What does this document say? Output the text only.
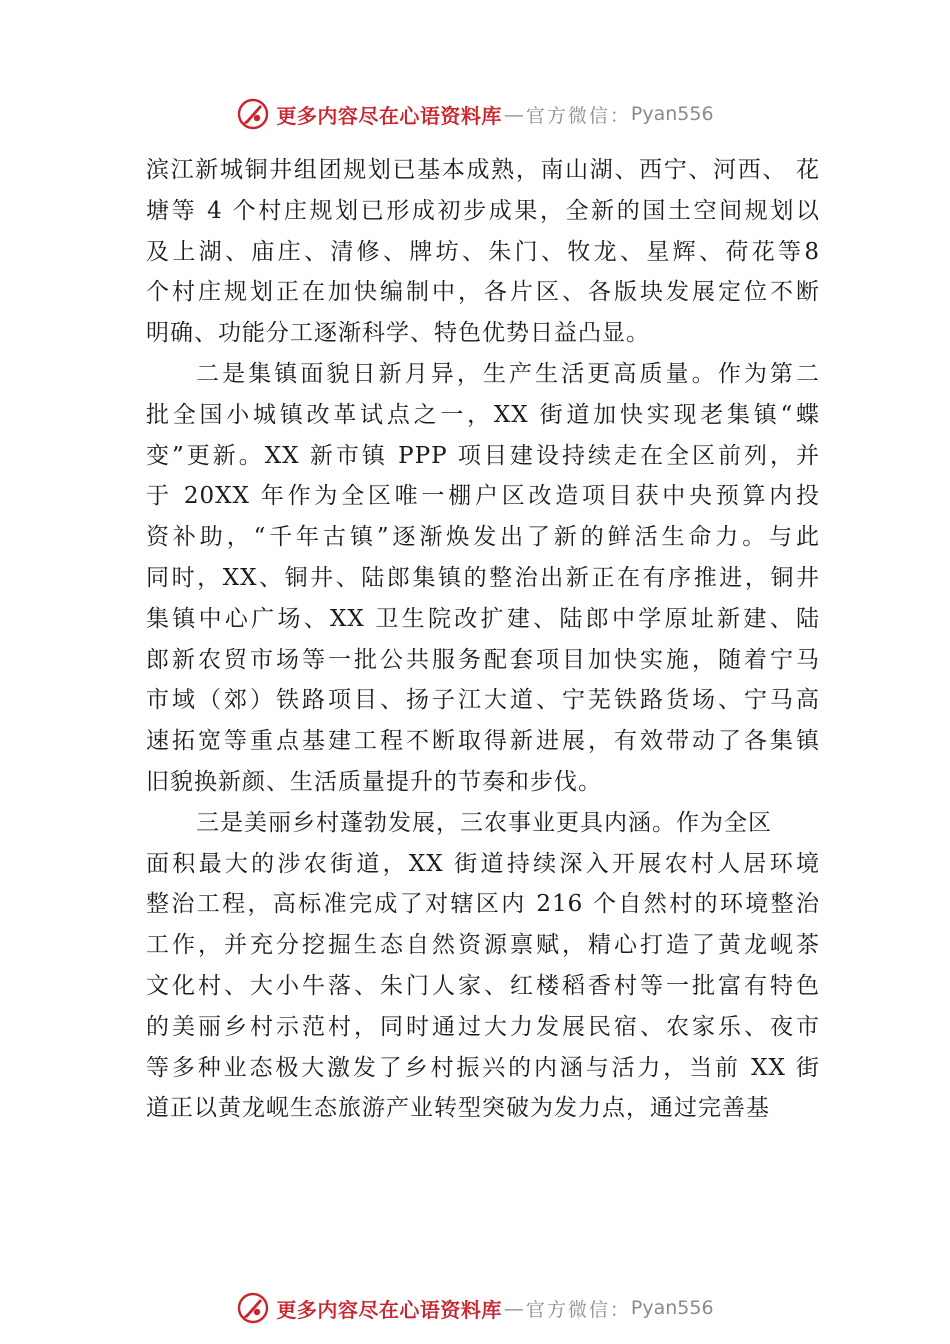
更多内容尽在心语资料库 — 官方微信： Pyan556
滨江新城铜井组团规划已基本成熟，南山湖、西宁、河西、 花
塘等 4 个村庄规划已形成初步成果，全新的国土空间规划以
及上湖、庙庄、清修、牌坊、朱门、牧龙、星辉、荷花等8
个村庄规划正在加快编制中，各片区、各版块发展定位不断
明确、功能分工逐渐科学、特色优势日益凸显。
二是集镇面貌日新月异，生产生活更高质量。作为第二
批全国小城镇改革试点之一，XX 街道加快实现老集镇“蝶
变”更新。XX 新市镇 PPP 项目建设持续走在全区前列，并
于 20XX 年作为全区唯一棚户区改造项目获中央预算内投
资补助，“千年古镇”逐渐焕发出了新的鲜活生命力。与此
同时，XX、铜井、陆郎集镇的整治出新正在有序推进，铜井
集镇中心广场、XX 卫生院改扩建、陆郎中学原址新建、陆
郎新农贸市场等一批公共服务配套项目加快实施，随着宁马
市域（郊）铁路项目、扬子江大道、宁芜铁路货场、宁马高
速拓宽等重点基建工程不断取得新进展，有效带动了各集镇
旧貌换新颜、生活质量提升的节奏和步伐。
三是美丽乡村蓬勃发展，三农事业更具内涵。作为全区
面积最大的涉农街道，XX 街道持续深入开展农村人居环境
整治工程，高标准完成了对辖区内 216 个自然村的环境整治
工作，并充分挖掘生态自然资源禀赋，精心打造了黄龙岘茶
文化村、大小牛落、朱门人家、红楼稻香村等一批富有特色
的美丽乡村示范村，同时通过大力发展民宿、农家乐、夜市
等多种业态极大激发了乡村振兴的内涵与活力，当前 XX 街
道正以黄龙岘生态旅游产业转型突破为发力点，通过完善基
更多内容尽在心语资料库 — 官方微信： Pyan556
